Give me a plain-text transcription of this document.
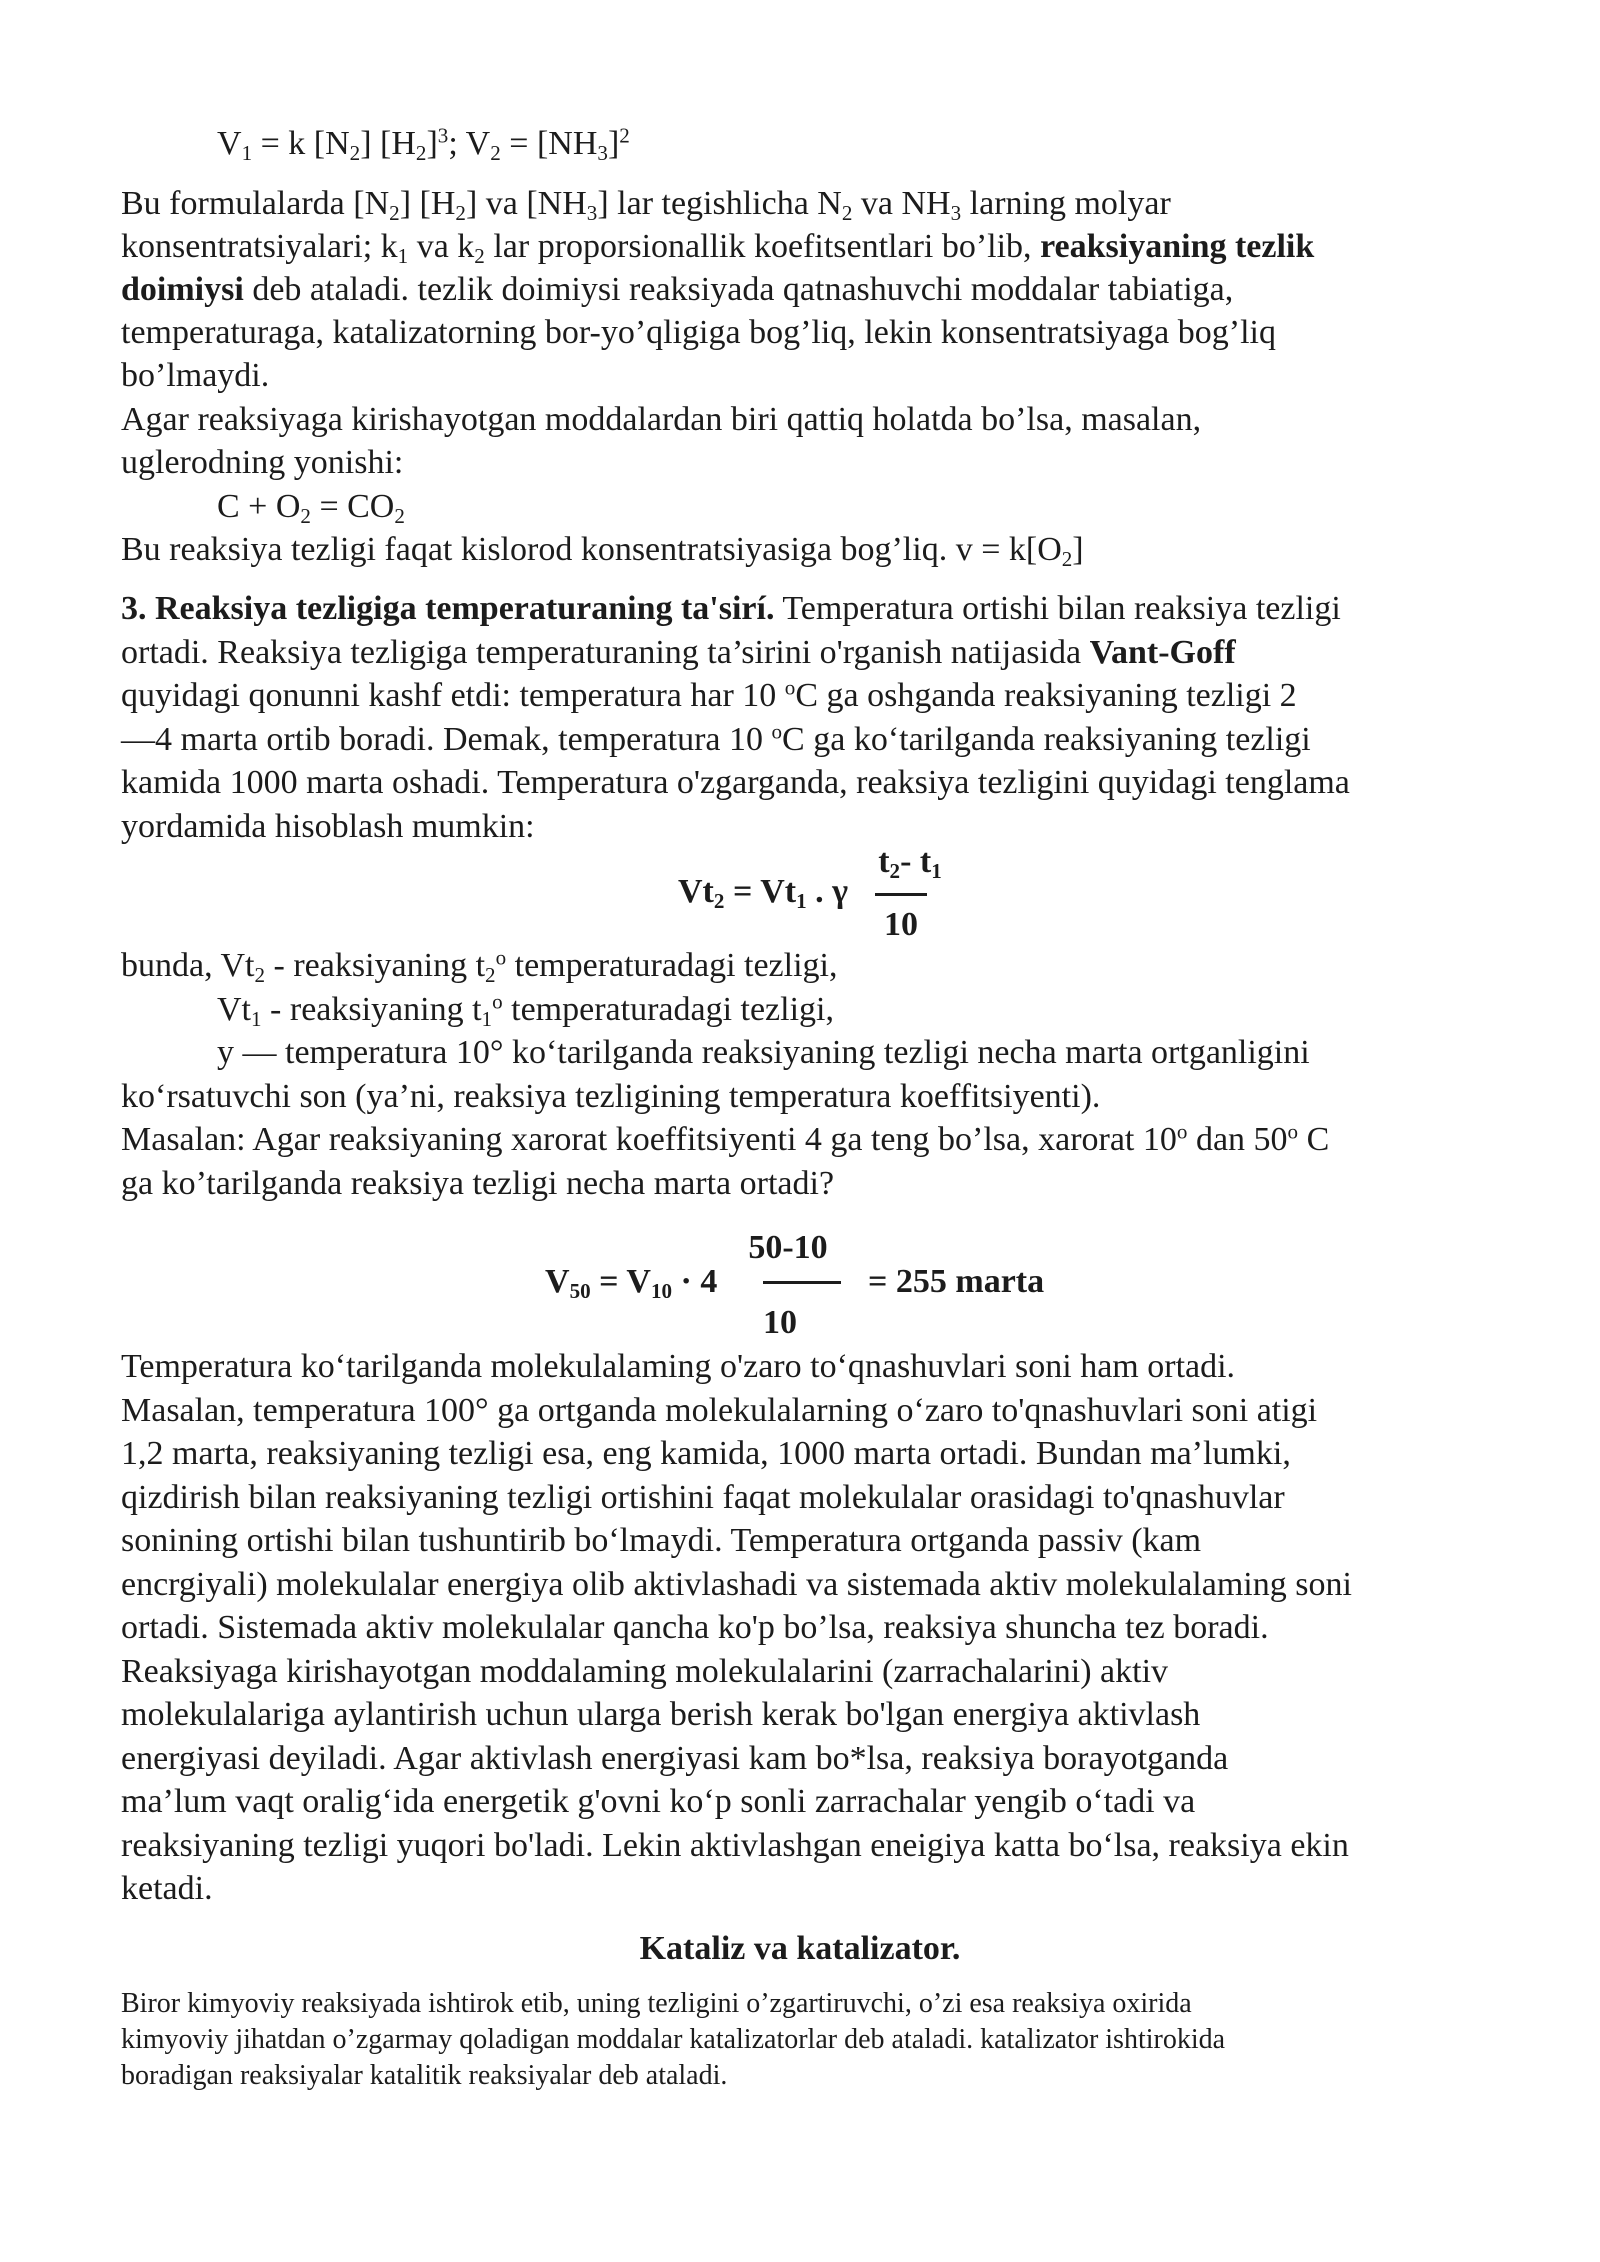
$V_1 = k$ $[N_2]$ $[H_2]^3$; $V_2 = [NH_3]^2$
Bu formulalarda $[N_2]$ $[H_2]$ va $[NH_3]$ lar tegishlicha $N_2$ va $NH_3$ larning molyar
konsentratsiyalari; $k_1$ va $k_2$ lar proporsionallik koefitsentlari bo’lib, reaksiyaning tezlik
doimiysi deb ataladi. tezlik doimiysi reaksiyada qatnashuvchi moddalar tabiatiga,
temperaturaga, katalizatorning bor-yo’qligiga bog’liq, lekin konsentratsiyaga bog’liq
bo’lmaydi.
Agar reaksiyaga kirishayotgan moddalardan biri qattiq holatda bo’lsa, masalan,
uglerodning yonishi:
$C + O_2 = CO_2$
Bu reaksiya tezligi faqat kislorod konsentratsiyasiga bog’liq. $v = k[O_2]$
3. Reaksiya tezligiga temperaturaning ta'sirí. Temperatura ortishi bilan reaksiya tezligi
ortadi. Reaksiya tezligiga temperaturaning ta’sirini o'rganish natijasida Vant-Goff
quyidagi qonunni kashf etdi: temperatura har 10 $^o$C ga oshganda reaksiyaning tezligi 2
—4 marta ortib boradi. Demak, temperatura 10 $^o$C ga ko‘tarilganda reaksiyaning tezligi
kamida 1000 marta oshadi. Temperatura o'zgarganda, reaksiya tezligini quyidagi tenglama
yordamida hisoblash mumkin:
$Vt_2 = Vt_1$ . γ
$t_2-$ $t_1$
10
bunda, $Vt_2$ - reaksiyaning $t_2^o$ temperaturadagi tezligi,
$Vt_1$ - reaksiyaning $t_1^o$ temperaturadagi tezligi,
y — temperatura 10° ko‘tarilganda reaksiyaning tezligi necha marta ortganligini
ko‘rsatuvchi son (ya’ni, reaksiya tezligining temperatura koeffitsiyenti).
Masalan: Agar reaksiyaning xarorat koeffitsiyenti 4 ga teng bo’lsa, xarorat 10$^o$ dan 50$^o$ C
ga ko’tarilganda reaksiya tezligi necha marta ortadi?
$V_{50} = V_{10} \cdot 4$
50-10
10
= 255 marta
Temperatura ko‘tarilganda molekulalaming o'zaro to‘qnashuvlari soni ham ortadi.
Masalan, temperatura 100° ga ortganda molekulalarning o‘zaro to'qnashuvlari soni atigi
1,2 marta, reaksiyaning tezligi esa, eng kamida, 1000 marta ortadi. Bundan ma’lumki,
qizdirish bilan reaksiyaning tezligi ortishini faqat molekulalar orasidagi to'qnashuvlar
sonining ortishi bilan tushuntirib bo‘lmaydi. Temperatura ortganda passiv (kam
encrgiyali) molekulalar energiya olib aktivlashadi va sistemada aktiv molekulalaming soni
ortadi. Sistemada aktiv molekulalar qancha ko'p bo’lsa, reaksiya shuncha tez boradi.
Reaksiyaga kirishayotgan moddalaming molekulalarini (zarrachalarini) aktiv
molekulalariga aylantirish uchun ularga berish kerak bo'lgan energiya aktivlash
energiyasi deyiladi. Agar aktivlash energiyasi kam bo*lsa, reaksiya borayotganda
ma’lum vaqt oralig‘ida energetik g'ovni ko‘p sonli zarrachalar yengib o‘tadi va
reaksiyaning tezligi yuqori bo'ladi. Lekin aktivlashgan eneigiya katta bo‘lsa, reaksiya ekin
ketadi.
Kataliz va katalizator.
Biror kimyoviy reaksiyada ishtirok etib, uning tezligini o’zgartiruvchi, o’zi esa reaksiya oxirida
kimyoviy jihatdan o’zgarmay qoladigan moddalar katalizatorlar deb ataladi. katalizator ishtirokida
boradigan reaksiyalar katalitik reaksiyalar deb ataladi.
